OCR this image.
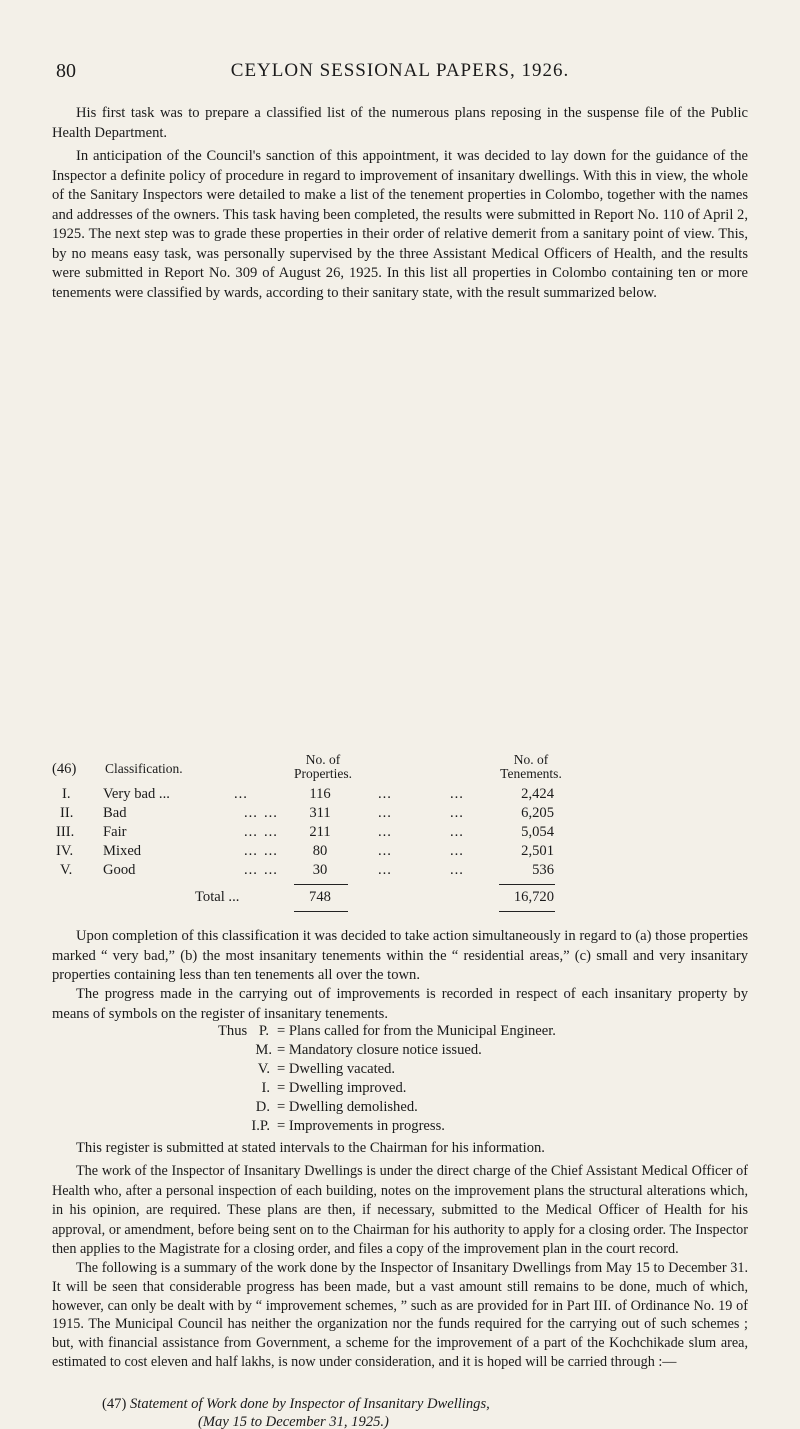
80	CEYLON SESSIONAL PAPERS, 1926.

His first task was to prepare a classified list of the numerous plans reposing in the suspense file of the Public Health Department.

In anticipation of the Council's sanction of this appointment, it was decided to lay down for the guidance of the Inspector a definite policy of procedure in regard to improvement of insanitary dwellings. With this in view, the whole of the Sanitary Inspectors were detailed to make a list of the tenement properties in Colombo, together with the names and addresses of the owners. This task having been completed, the results were submitted in Report No. 110 of April 2, 1925. The next step was to grade these properties in their order of relative demerit from a sanitary point of view. This, by no means easy task, was personally supervised by the three Assistant Medical Officers of Health, and the results were submitted in Report No. 309 of August 26, 1925. In this list all properties in Colombo containing ten or more tenements were classified by wards, according to their sanitary state, with the result summarized below.

(46) Classification.
No. of
Properties.
No. of
Tenements.
I. Very bad ...	...	116	...	...	2,424
II. Bad	... ...	311	...	...	6,205
III. Fair	... ...	211	...	...	5,054
IV. Mixed	... ...	80	...	...	2,501
V. Good	... ...	30	...	...	536
Total ...	748	16,720

Upon completion of this classification it was decided to take action simultaneously in regard to (a) those properties marked “ very bad,” (b) the most insanitary tenements within the “ residential areas,” (c) small and very insanitary properties containing less than ten tenements all over the town.

The progress made in the carrying out of improvements is recorded in respect of each insanitary property by means of symbols on the register of insanitary tenements.

Thus P. = Plans called for from the Municipal Engineer.
M. = Mandatory closure notice issued.
V. = Dwelling vacated.
I. = Dwelling improved.
D. = Dwelling demolished.
I.P. = Improvements in progress.

This register is submitted at stated intervals to the Chairman for his information.

The work of the Inspector of Insanitary Dwellings is under the direct charge of the Chief Assistant Medical Officer of Health who, after a personal inspection of each building, notes on the improvement plans the structural alterations which, in his opinion, are required. These plans are then, if necessary, submitted to the Medical Officer of Health for his approval, or amendment, before being sent on to the Chairman for his authority to apply for a closing order. The Inspector then applies to the Magistrate for a closing order, and files a copy of the improvement plan in the court record.

The following is a summary of the work done by the Inspector of Insanitary Dwellings from May 15 to December 31. It will be seen that considerable progress has been made, but a vast amount still remains to be done, much of which, however, can only be dealt with by “ improvement schemes, ” such as are provided for in Part III. of Ordinance No. 19 of 1915. The Municipal Council has neither the organization nor the funds required for the carrying out of such schemes ; but, with financial assistance from Government, a scheme for the improvement of a part of the Kochchikade slum area, estimated to cost eleven and half lakhs, is now under consideration, and it is hoped will be carried through :—

(47) Statement of Work done by Inspector of Insanitary Dwellings,
(May 15 to December 31, 1925.)
